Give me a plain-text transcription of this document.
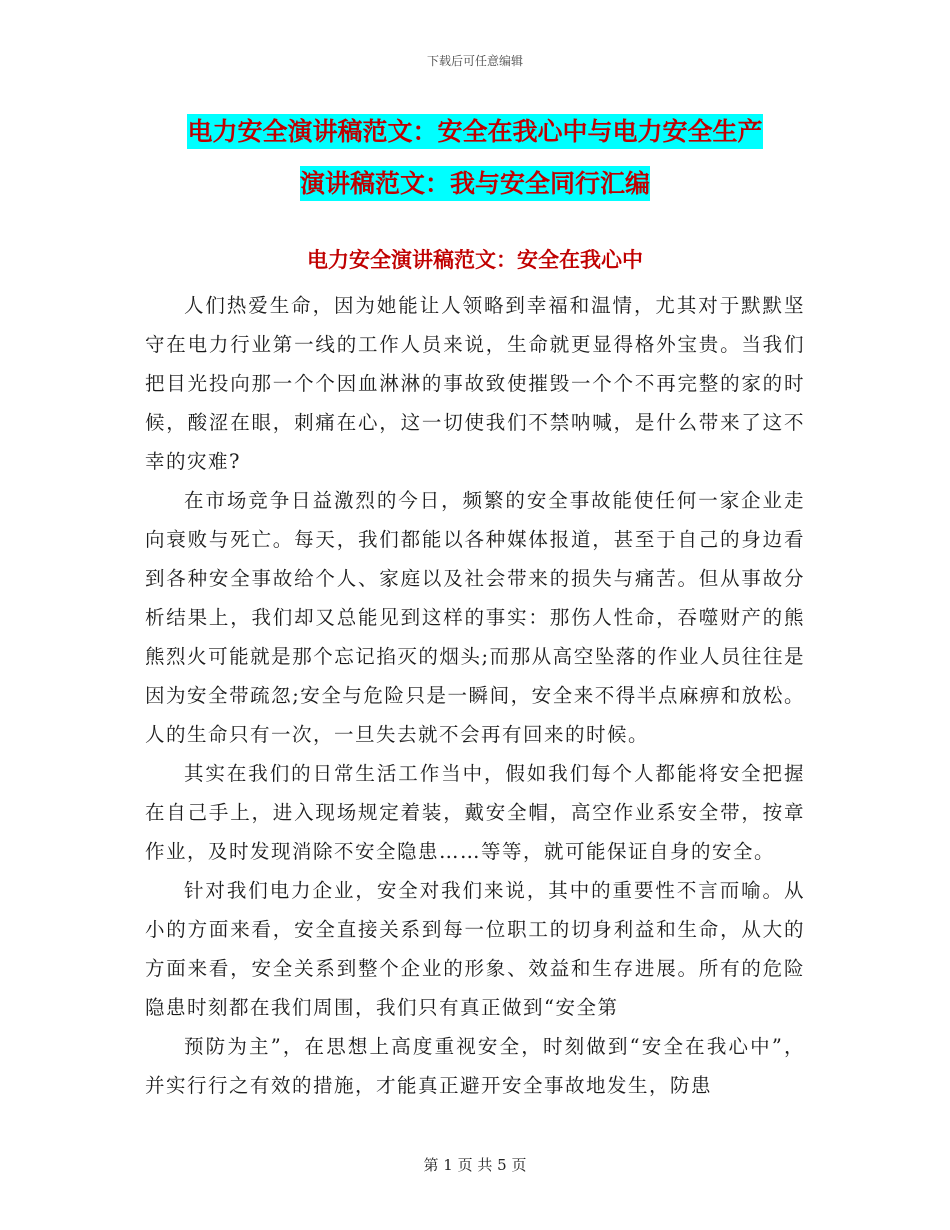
下载后可任意编辑
电力安全演讲稿范文：安全在我心中与电力安全生产
演讲稿范文：我与安全同行汇编
电力安全演讲稿范文：安全在我心中

人们热爱生命，因为她能让人领略到幸福和温情，尤其对于默默坚守在电力行业第一线的工作人员来说，生命就更显得格外宝贵。当我们把目光投向那一个个因血淋淋的事故致使摧毁一个个不再完整的家的时候，酸涩在眼，刺痛在心，这一切使我们不禁呐喊，是什么带来了这不幸的灾难?

在市场竞争日益激烈的今日，频繁的安全事故能使任何一家企业走向衰败与死亡。每天，我们都能以各种媒体报道，甚至于自己的身边看到各种安全事故给个人、家庭以及社会带来的损失与痛苦。但从事故分析结果上，我们却又总能见到这样的事实：那伤人性命，吞噬财产的熊熊烈火可能就是那个忘记掐灭的烟头;而那从高空坠落的作业人员往往是因为安全带疏忽;安全与危险只是一瞬间，安全来不得半点麻痹和放松。人的生命只有一次，一旦失去就不会再有回来的时候。

其实在我们的日常生活工作当中，假如我们每个人都能将安全把握在自己手上，进入现场规定着装，戴安全帽，高空作业系安全带，按章作业，及时发现消除不安全隐患……等等，就可能保证自身的安全。

针对我们电力企业，安全对我们来说，其中的重要性不言而喻。从小的方面来看，安全直接关系到每一位职工的切身利益和生命，从大的方面来看，安全关系到整个企业的形象、效益和生存进展。所有的危险隐患时刻都在我们周围，我们只有真正做到“安全第

预防为主”，在思想上高度重视安全，时刻做到“安全在我心中”，并实行行之有效的措施，才能真正避开安全事故地发生，防患

第 1 页 共 5 页
